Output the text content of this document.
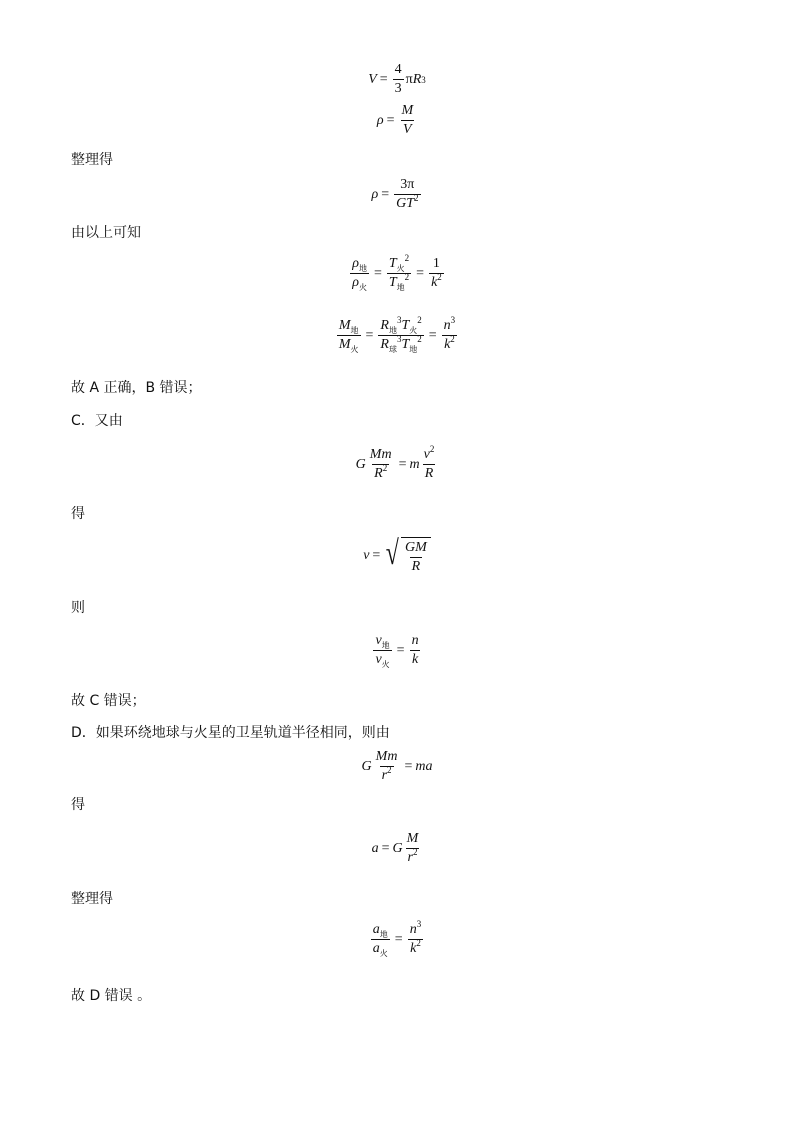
$V = \frac{4}{3}$ π R 3
$\rho = \frac{M}{V}$
整理得
$\rho = \frac{3\pi}{GT^2}$
由以上可知
$\frac{\rho_地}{\rho_火} = \frac{T_火^2}{T_地^2} = \frac{1}{k^2}$
$\frac{M_地}{M_火} = \frac{R_地^3T_火^2}{R_球^3T_地^2} = \frac{n^3}{k^2}$
故 A 正确，B 错误；
C．又由
G $\frac{Mm}{R^2} = m \frac{v^2}{R}$
得
v = √ $\frac{GM}{R}$
则
$\frac{v_地}{v_火} = \frac{n}{k}$
故 C 错误；
D．如果环绕地球与火星的卫星轨道半径相同，则由
G $\frac{Mm}{r^2} = m$ a
得
a = G $\frac{M}{r^2}$
整理得
$\frac{a_地}{a_火} = \frac{n^3}{k^2}$
故 D 错误 。
